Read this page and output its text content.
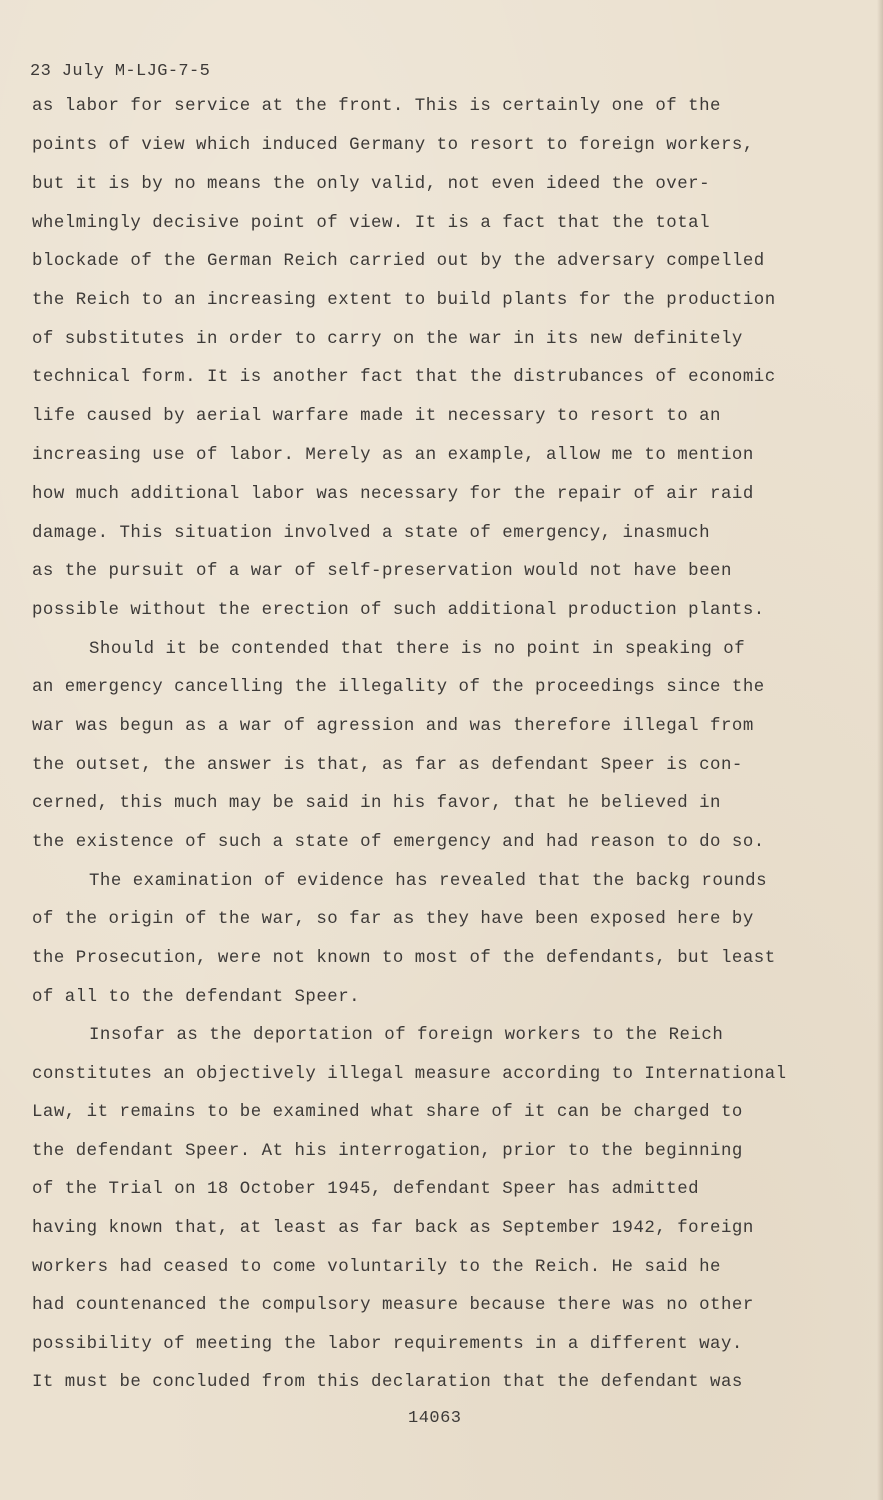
23 July M-LJG-7-5
as labor for service at the front. This is certainly one of the
points of view which induced Germany to resort to foreign workers,
but it is by no means the only valid, not even ideed the over-
whelmingly decisive point of view. It is a fact that the total
blockade of the German Reich carried out by the adversary compelled
the Reich to an increasing extent to build plants for the production
of substitutes in order to carry on the war in its new definitely
technical form. It is another fact that the distrubances of economic
life caused by aerial warfare made it necessary to resort to an
increasing use of labor. Merely as an example, allow me to mention
how much additional labor was necessary for the repair of air raid
damage. This situation involved a state of emergency, inasmuch
as the pursuit of a war of self-preservation would not have been
possible without the erection of such additional production plants.
Should it be contended that there is no point in speaking of
an emergency cancelling the illegality of the proceedings since the
war was begun as a war of agression and was therefore illegal from
the outset, the answer is that, as far as defendant Speer is con-
cerned, this much may be said in his favor, that he believed in
the existence of such a state of emergency and had reason to do so.
The examination of evidence has revealed that the backg rounds
of the origin of the war, so far as they have been exposed here by
the Prosecution, were not known to most of the defendants, but least
of all to the defendant Speer.
Insofar as the deportation of foreign workers to the Reich
constitutes an objectively illegal measure according to International
Law, it remains to be examined what share of it can be charged to
the defendant Speer. At his interrogation, prior to the beginning
of the Trial on 18 October 1945, defendant Speer has admitted
having known that, at least as far back as September 1942, foreign
workers had ceased to come voluntarily to the Reich. He said he
had countenanced the compulsory measure because there was no other
possibility of meeting the labor requirements in a different way.
It must be concluded from this declaration that the defendant was
14063
